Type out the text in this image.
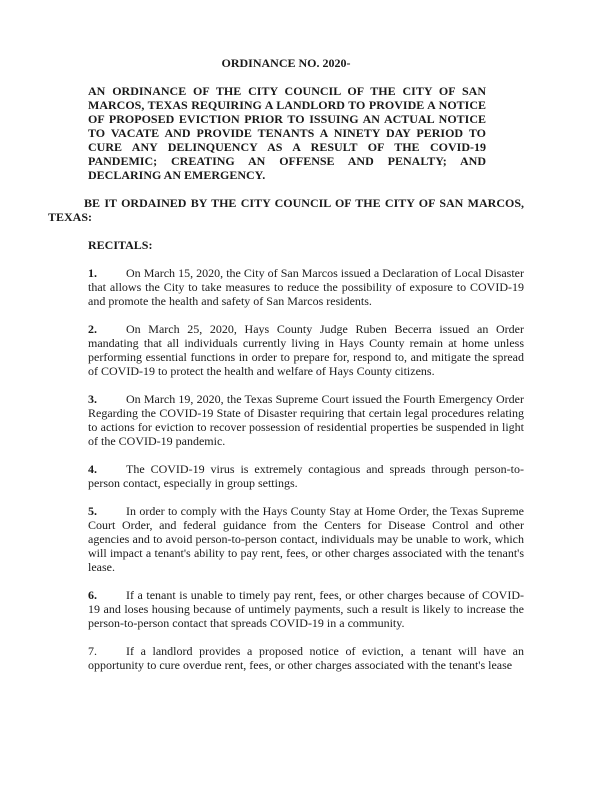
ORDINANCE NO. 2020-

AN ORDINANCE OF THE CITY COUNCIL OF THE CITY OF SAN MARCOS, TEXAS REQUIRING A LANDLORD TO PROVIDE A NOTICE OF PROPOSED EVICTION PRIOR TO ISSUING AN ACTUAL NOTICE TO VACATE AND PROVIDE TENANTS A NINETY DAY PERIOD TO CURE ANY DELINQUENCY AS A RESULT OF THE COVID-19 PANDEMIC; CREATING AN OFFENSE AND PENALTY; AND DECLARING AN EMERGENCY.

BE IT ORDAINED BY THE CITY COUNCIL OF THE CITY OF SAN MARCOS, TEXAS:

RECITALS:

1. On March 15, 2020, the City of San Marcos issued a Declaration of Local Disaster that allows the City to take measures to reduce the possibility of exposure to COVID-19 and promote the health and safety of San Marcos residents.

2. On March 25, 2020, Hays County Judge Ruben Becerra issued an Order mandating that all individuals currently living in Hays County remain at home unless performing essential functions in order to prepare for, respond to, and mitigate the spread of COVID-19 to protect the health and welfare of Hays County citizens.

3. On March 19, 2020, the Texas Supreme Court issued the Fourth Emergency Order Regarding the COVID-19 State of Disaster requiring that certain legal procedures relating to actions for eviction to recover possession of residential properties be suspended in light of the COVID-19 pandemic.

4. The COVID-19 virus is extremely contagious and spreads through person-to-person contact, especially in group settings.

5. In order to comply with the Hays County Stay at Home Order, the Texas Supreme Court Order, and federal guidance from the Centers for Disease Control and other agencies and to avoid person-to-person contact, individuals may be unable to work, which will impact a tenant's ability to pay rent, fees, or other charges associated with the tenant's lease.

6. If a tenant is unable to timely pay rent, fees, or other charges because of COVID-19 and loses housing because of untimely payments, such a result is likely to increase the person-to-person contact that spreads COVID-19 in a community.

7. If a landlord provides a proposed notice of eviction, a tenant will have an opportunity to cure overdue rent, fees, or other charges associated with the tenant's lease
